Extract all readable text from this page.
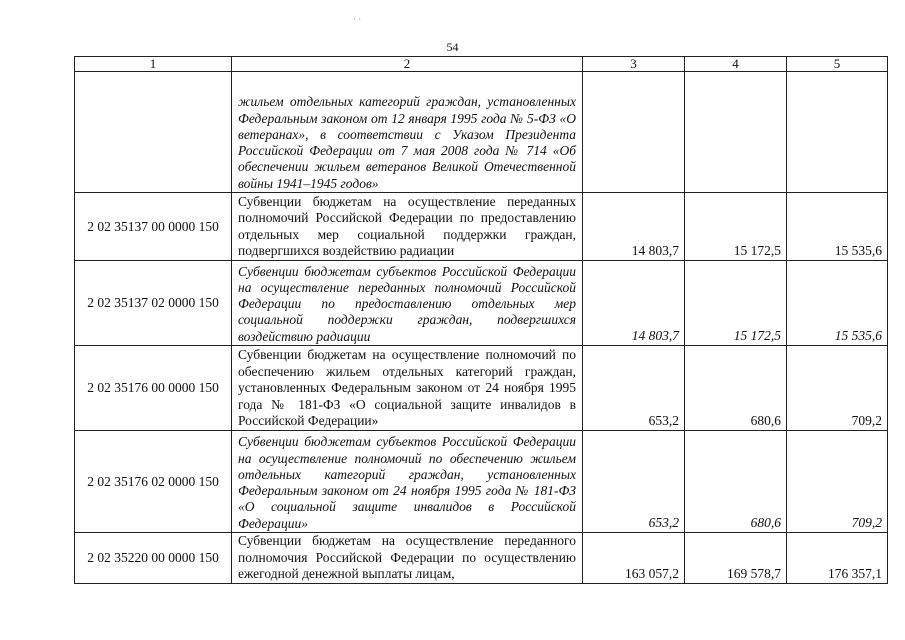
· ·
54
1	2	3	4	5
	жильем отдельных категорий граждан, установленных Федеральным законом от 12 января 1995 года № 5-ФЗ «О ветеранах», в соответствии с Указом Президента Российской Федерации от 7 мая 2008 года № 714 «Об обеспечении жильем ветеранов Великой Отечественной войны 1941–1945 годов»			
2 02 35137 00 0000 150	Субвенции бюджетам на осуществление переданных полномочий Российской Федерации по предоставлению отдельных мер социальной поддержки граждан, подвергшихся воздействию радиации	14 803,7	15 172,5	15 535,6
2 02 35137 02 0000 150	Субвенции бюджетам субъектов Российской Федерации на осуществление переданных полномочий Российской Федерации по предоставлению отдельных мер социальной поддержки граждан, подвергшихся воздействию радиации	14 803,7	15 172,5	15 535,6
2 02 35176 00 0000 150	Субвенции бюджетам на осуществление полномочий по обеспечению жильем отдельных категорий граждан, установленных Федеральным законом от 24 ноября 1995 года № 181-ФЗ «О социальной защите инвалидов в Российской Федерации»	653,2	680,6	709,2
2 02 35176 02 0000 150	Субвенции бюджетам субъектов Российской Федерации на осуществление полномочий по обеспечению жильем отдельных категорий граждан, установленных Федеральным законом от 24 ноября 1995 года № 181-ФЗ «О социальной защите инвалидов в Российской Федерации»	653,2	680,6	709,2
2 02 35220 00 0000 150	Субвенции бюджетам на осуществление переданного полномочия Российской Федерации по осуществлению ежегодной денежной выплаты лицам,	163 057,2	169 578,7	176 357,1
